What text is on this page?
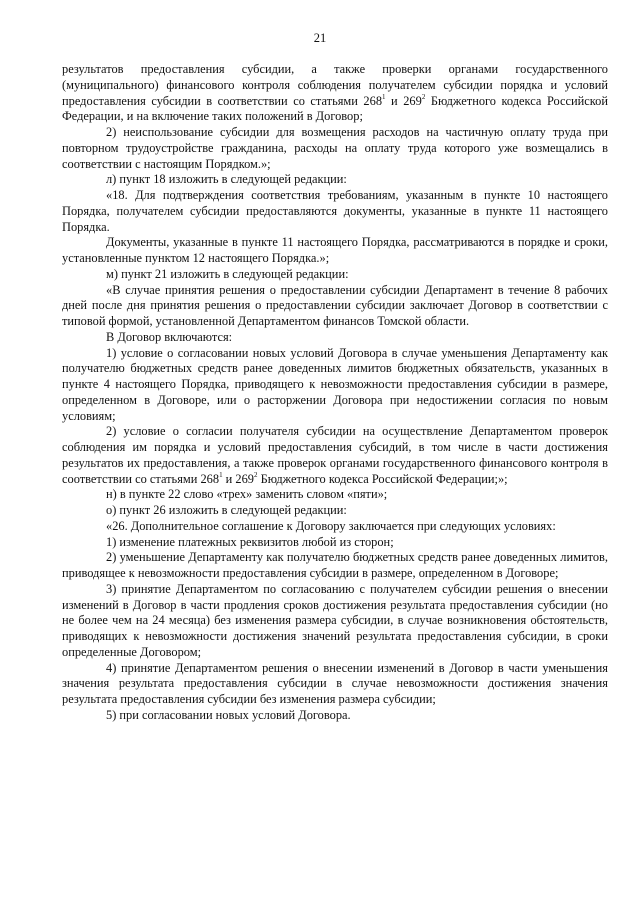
21

результатов предоставления субсидии, а также проверки органами государственного (муниципального) финансового контроля соблюдения получателем субсидии порядка и условий предоставления субсидии в соответствии со статьями $268^1$ и $269^2$ Бюджетного кодекса Российской Федерации, и на включение таких положений в Договор;

2) неиспользование субсидии для возмещения расходов на частичную оплату труда при повторном трудоустройстве гражданина, расходы на оплату труда которого уже возмещались в соответствии с настоящим Порядком.»;

л) пункт 18 изложить в следующей редакции:

«18. Для подтверждения соответствия требованиям, указанным в пункте 10 настоящего Порядка, получателем субсидии предоставляются документы, указанные в пункте 11 настоящего Порядка.

Документы, указанные в пункте 11 настоящего Порядка, рассматриваются в порядке и сроки, установленные пунктом 12 настоящего Порядка.»;

м) пункт 21 изложить в следующей редакции:

«В случае принятия решения о предоставлении субсидии Департамент в течение 8 рабочих дней после дня принятия решения о предоставлении субсидии заключает Договор в соответствии с типовой формой, установленной Департаментом финансов Томской области.

В Договор включаются:

1) условие о согласовании новых условий Договора в случае уменьшения Департаменту как получателю бюджетных средств ранее доведенных лимитов бюджетных обязательств, указанных в пункте 4 настоящего Порядка, приводящего к невозможности предоставления субсидии в размере, определенном в Договоре, или о расторжении Договора при недостижении согласия по новым условиям;

2) условие о согласии получателя субсидии на осуществление Департаментом проверок соблюдения им порядка и условий предоставления субсидий, в том числе в части достижения результатов их предоставления, а также проверок органами государственного финансового контроля в соответствии со статьями $268^1$ и $269^2$ Бюджетного кодекса Российской Федерации;»;

н) в пункте 22 слово «трех» заменить словом «пяти»;

о) пункт 26 изложить в следующей редакции:

«26. Дополнительное соглашение к Договору заключается при следующих условиях:

1) изменение платежных реквизитов любой из сторон;

2) уменьшение Департаменту как получателю бюджетных средств ранее доведенных лимитов, приводящее к невозможности предоставления субсидии в размере, определенном в Договоре;

3) принятие Департаментом по согласованию с получателем субсидии решения о внесении изменений в Договор в части продления сроков достижения результата предоставления субсидии (но не более чем на 24 месяца) без изменения размера субсидии, в случае возникновения обстоятельств, приводящих к невозможности достижения значений результата предоставления субсидии, в сроки определенные Договором;

4) принятие Департаментом решения о внесении изменений в Договор в части уменьшения значения результата предоставления субсидии в случае невозможности достижения значения результата предоставления субсидии без изменения размера субсидии;

5) при согласовании новых условий Договора.
